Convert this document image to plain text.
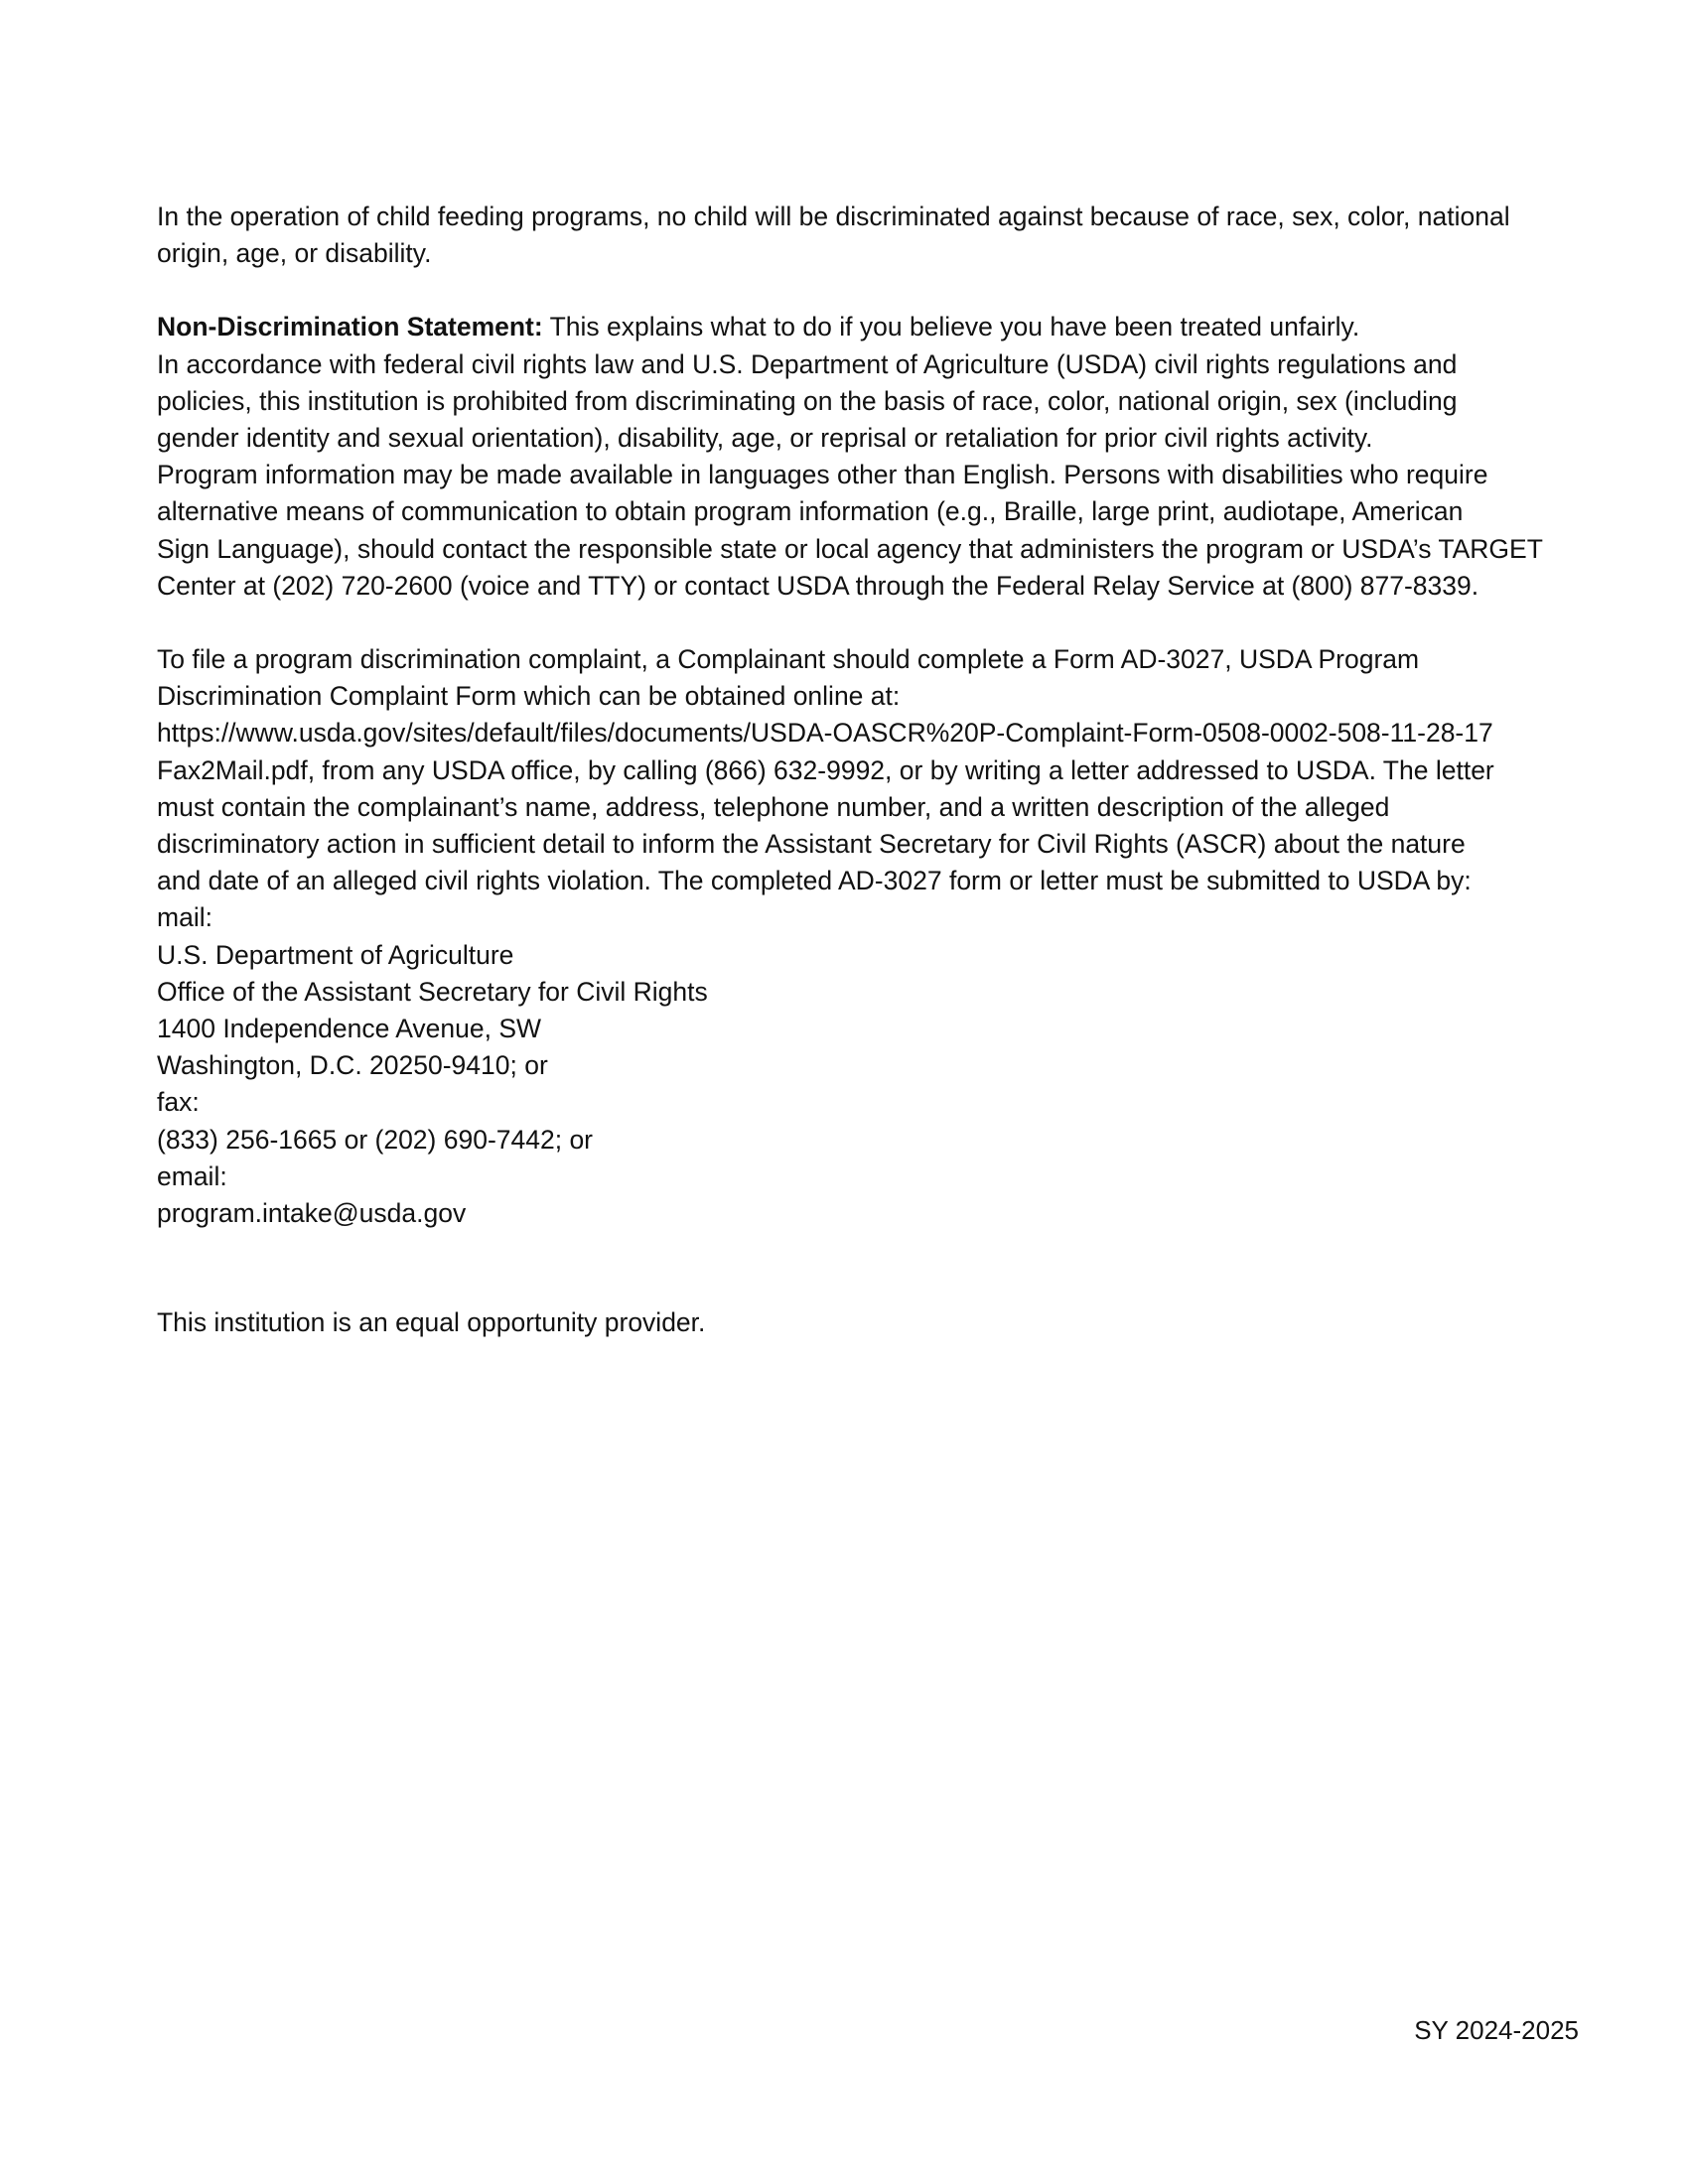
In the operation of child feeding programs, no child will be discriminated against because of race, sex, color, national
origin, age, or disability.

Non-Discrimination Statement: This explains what to do if you believe you have been treated unfairly.
In accordance with federal civil rights law and U.S. Department of Agriculture (USDA) civil rights regulations and
policies, this institution is prohibited from discriminating on the basis of race, color, national origin, sex (including
gender identity and sexual orientation), disability, age, or reprisal or retaliation for prior civil rights activity.
Program information may be made available in languages other than English. Persons with disabilities who require
alternative means of communication to obtain program information (e.g., Braille, large print, audiotape, American
Sign Language), should contact the responsible state or local agency that administers the program or USDA’s TARGET
Center at (202) 720-2600 (voice and TTY) or contact USDA through the Federal Relay Service at (800) 877-8339.

To file a program discrimination complaint, a Complainant should complete a Form AD-3027, USDA Program
Discrimination Complaint Form which can be obtained online at:
https://www.usda.gov/sites/default/files/documents/USDA-OASCR%20P-Complaint-Form-0508-0002-508-11-28-17
Fax2Mail.pdf, from any USDA office, by calling (866) 632-9992, or by writing a letter addressed to USDA. The letter
must contain the complainant’s name, address, telephone number, and a written description of the alleged
discriminatory action in sufficient detail to inform the Assistant Secretary for Civil Rights (ASCR) about the nature
and date of an alleged civil rights violation. The completed AD-3027 form or letter must be submitted to USDA by:
mail:
U.S. Department of Agriculture
Office of the Assistant Secretary for Civil Rights
1400 Independence Avenue, SW
Washington, D.C. 20250-9410; or
fax:
(833) 256-1665 or (202) 690-7442; or
email:
program.intake@usda.gov

This institution is an equal opportunity provider.

SY 2024-2025
